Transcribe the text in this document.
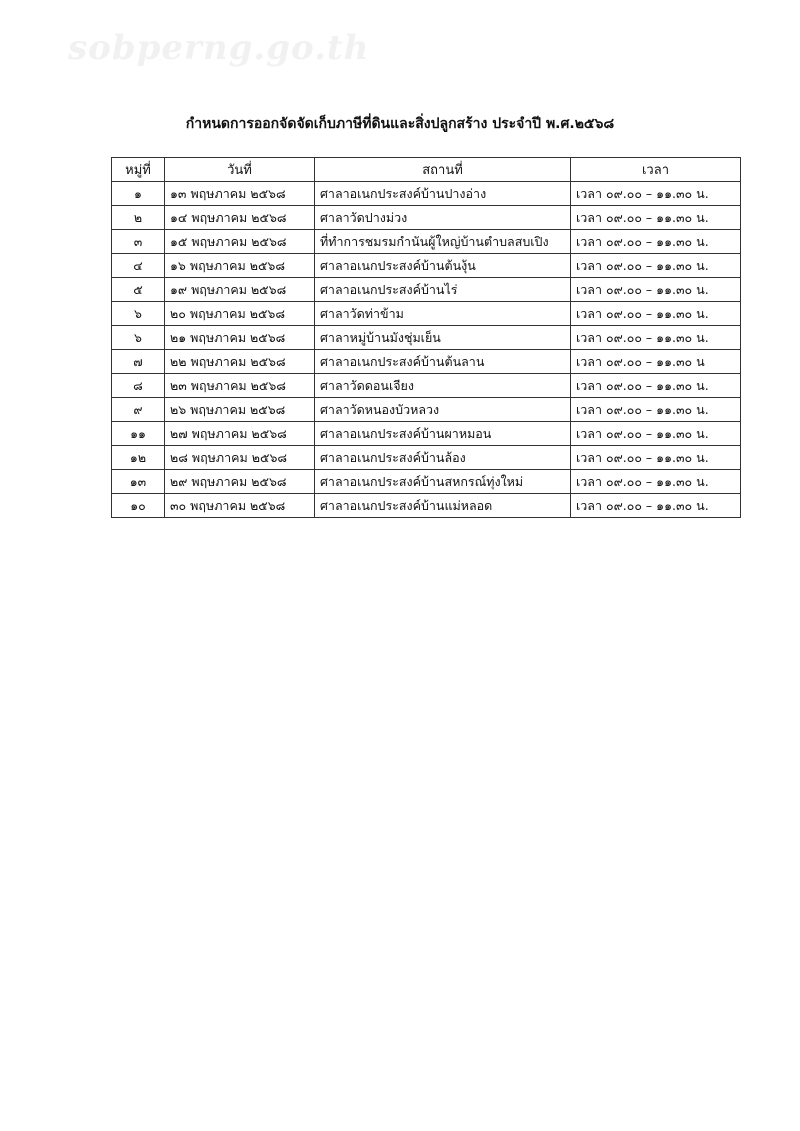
sobperng.go.th
กำหนดการออกจัดจัดเก็บภาษีที่ดินและสิ่งปลูกสร้าง ประจำปี พ.ศ.๒๕๖๘
หมู่ที่	วันที่	สถานที่	เวลา
๑	๑๓ พฤษภาคม ๒๕๖๘	ศาลาอเนกประสงค์บ้านปางอ่าง	เวลา ๐๙.๐๐ – ๑๑.๓๐ น.
๒	๑๔ พฤษภาคม ๒๕๖๘	ศาลาวัดปางม่วง	เวลา ๐๙.๐๐ – ๑๑.๓๐ น.
๓	๑๕ พฤษภาคม ๒๕๖๘	ที่ทำการชมรมกำนันผู้ใหญ่บ้านตำบลสบเปิง	เวลา ๐๙.๐๐ – ๑๑.๓๐ น.
๔	๑๖ พฤษภาคม ๒๕๖๘	ศาลาอเนกประสงค์บ้านต้นงุ้น	เวลา ๐๙.๐๐ – ๑๑.๓๐ น.
๕	๑๙ พฤษภาคม ๒๕๖๘	ศาลาอเนกประสงค์บ้านไร่	เวลา ๐๙.๐๐ – ๑๑.๓๐ น.
๖	๒๐ พฤษภาคม ๒๕๖๘	ศาลาวัดท่าข้าม	เวลา ๐๙.๐๐ – ๑๑.๓๐ น.
๖	๒๑ พฤษภาคม ๒๕๖๘	ศาลาหมู่บ้านมังชุ่มเย็น	เวลา ๐๙.๐๐ – ๑๑.๓๐ น.
๗	๒๒ พฤษภาคม ๒๕๖๘	ศาลาอเนกประสงค์บ้านต้นลาน	เวลา ๐๙.๐๐ – ๑๑.๓๐ น
๘	๒๓ พฤษภาคม ๒๕๖๘	ศาลาวัดดอนเจียง	เวลา ๐๙.๐๐ – ๑๑.๓๐ น.
๙	๒๖ พฤษภาคม ๒๕๖๘	ศาลาวัดหนองบัวหลวง	เวลา ๐๙.๐๐ – ๑๑.๓๐ น.
๑๑	๒๗ พฤษภาคม ๒๕๖๘	ศาลาอเนกประสงค์บ้านผาหมอน	เวลา ๐๙.๐๐ – ๑๑.๓๐ น.
๑๒	๒๘ พฤษภาคม ๒๕๖๘	ศาลาอเนกประสงค์บ้านล้อง	เวลา ๐๙.๐๐ – ๑๑.๓๐ น.
๑๓	๒๙ พฤษภาคม ๒๕๖๘	ศาลาอเนกประสงค์บ้านสหกรณ์ทุ่งใหม่	เวลา ๐๙.๐๐ – ๑๑.๓๐ น.
๑๐	๓๐ พฤษภาคม ๒๕๖๘	ศาลาอเนกประสงค์บ้านแม่หลอด	เวลา ๐๙.๐๐ – ๑๑.๓๐ น.
